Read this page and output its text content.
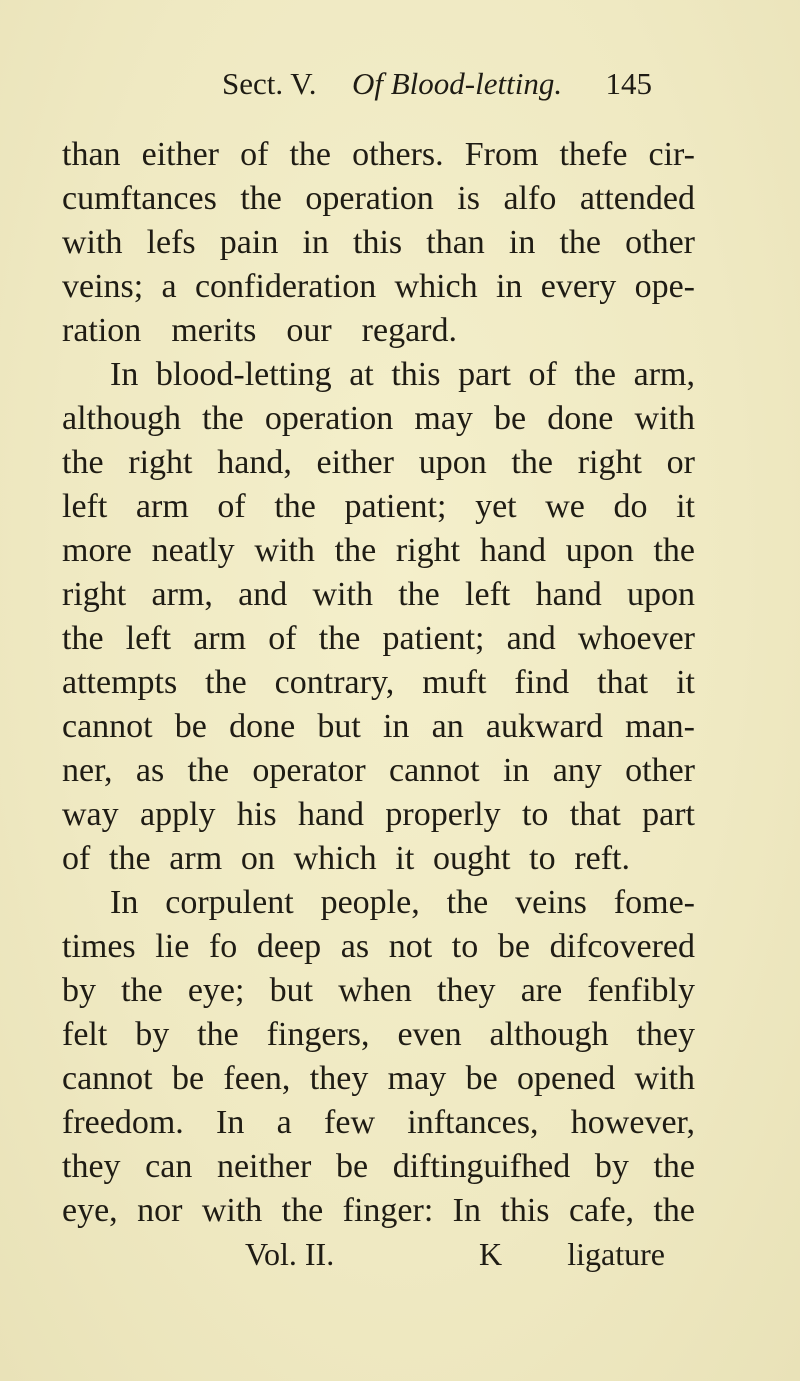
Sect. V. Of Blood-letting. 145
than either of the others. From thefe cir-
cumftances the operation is alfo attended
with lefs pain in this than in the other
veins; a confideration which in every ope-
ration merits our regard.
In blood-letting at this part of the arm,
although the operation may be done with
the right hand, either upon the right or
left arm of the patient; yet we do it
more neatly with the right hand upon the
right arm, and with the left hand upon
the left arm of the patient; and whoever
attempts the contrary, muft find that it
cannot be done but in an aukward man-
ner, as the operator cannot in any other
way apply his hand properly to that part
of the arm on which it ought to reft.
In corpulent people, the veins fome-
times lie fo deep as not to be difcovered
by the eye; but when they are fenfibly
felt by the fingers, even although they
cannot be feen, they may be opened with
freedom. In a few inftances, however,
they can neither be diftinguifhed by the
eye, nor with the finger: In this cafe, the
Vol. II.	K ligature
